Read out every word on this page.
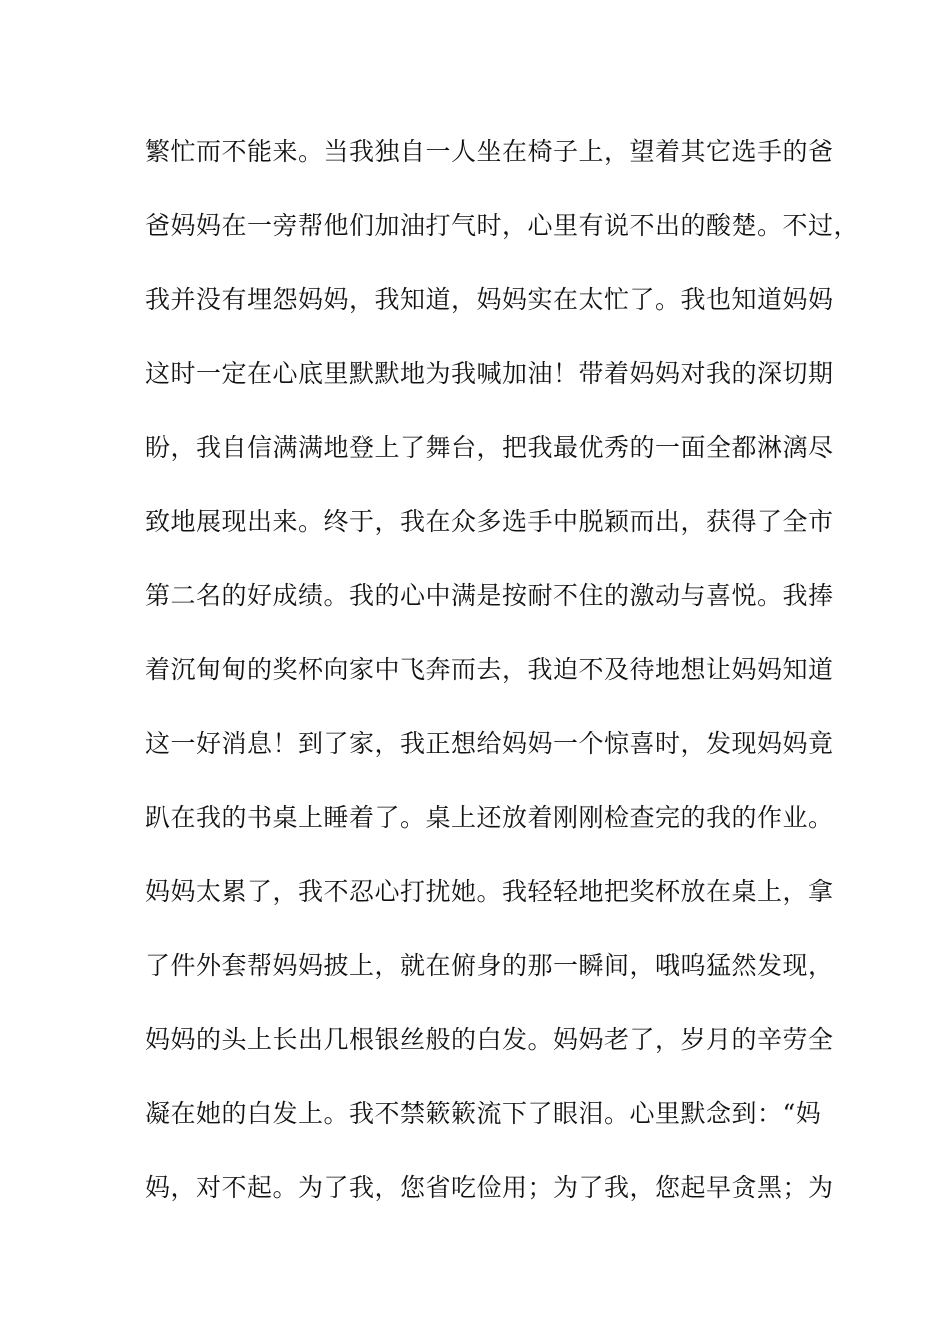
繁忙而不能来。当我独自一人坐在椅子上，望着其它选手的爸
爸妈妈在一旁帮他们加油打气时，心里有说不出的酸楚。不过，
我并没有埋怨妈妈，我知道，妈妈实在太忙了。我也知道妈妈
这时一定在心底里默默地为我喊加油！带着妈妈对我的深切期
盼，我自信满满地登上了舞台，把我最优秀的一面全都淋漓尽
致地展现出来。终于，我在众多选手中脱颖而出，获得了全市
第二名的好成绩。我的心中满是按耐不住的激动与喜悦。我捧
着沉甸甸的奖杯向家中飞奔而去，我迫不及待地想让妈妈知道
这一好消息！到了家，我正想给妈妈一个惊喜时，发现妈妈竟
趴在我的书桌上睡着了。桌上还放着刚刚检查完的我的作业。
妈妈太累了，我不忍心打扰她。我轻轻地把奖杯放在桌上，拿
了件外套帮妈妈披上，就在俯身的那一瞬间，哦呜猛然发现，
妈妈的头上长出几根银丝般的白发。妈妈老了，岁月的辛劳全
凝在她的白发上。我不禁簌簌流下了眼泪。心里默念到：“妈
妈，对不起。为了我，您省吃俭用；为了我，您起早贪黑；为
